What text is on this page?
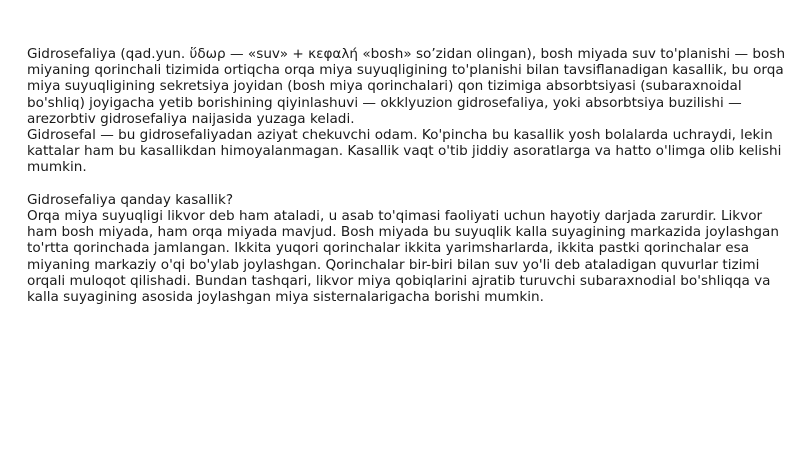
Gidrosefaliya (qad.yun. ὕδωρ — «suv» + κεφαλή «bosh» so’zidan olingan), bosh miyada suv to'planishi — bosh miyaning qorinchali tizimida ortiqcha orqa miya suyuqligining to'planishi bilan tavsiflanadigan kasallik, bu orqa miya suyuqligining sekretsiya joyidan (bosh miya qorinchalari) qon tizimiga absorbtsiyasi (subaraxnoidal bo'shliq) joyigacha yetib borishining qiyinlashuvi — okklyuzion gidrosefaliya, yoki absorbtsiya buzilishi — arezorbtiv gidrosefaliya naijasida yuzaga keladi.

Gidrosefal — bu gidrosefaliyadan aziyat chekuvchi odam. Ko'pincha bu kasallik yosh bolalarda uchraydi, lekin kattalar ham bu kasallikdan himoyalanmagan. Kasallik vaqt o'tib jiddiy asoratlarga va hatto o'limga olib kelishi mumkin.

Gidrosefaliya qanday kasallik?

Orqa miya suyuqligi likvor deb ham ataladi, u asab to'qimasi faoliyati uchun hayotiy darjada zarurdir. Likvor ham bosh miyada, ham orqa miyada mavjud. Bosh miyada bu suyuqlik kalla suyagining markazida joylashgan to'rtta qorinchada jamlangan. Ikkita yuqori qorinchalar ikkita yarimsharlarda, ikkita pastki qorinchalar esa miyaning markaziy o'qi bo'ylab joylashgan. Qorinchalar bir-biri bilan suv yo'li deb ataladigan quvurlar tizimi orqali muloqot qilishadi. Bundan tashqari, likvor miya qobiqlarini ajratib turuvchi subaraxnodial bo'shliqqa va kalla suyagining asosida joylashgan miya sisternalarigacha borishi mumkin.
